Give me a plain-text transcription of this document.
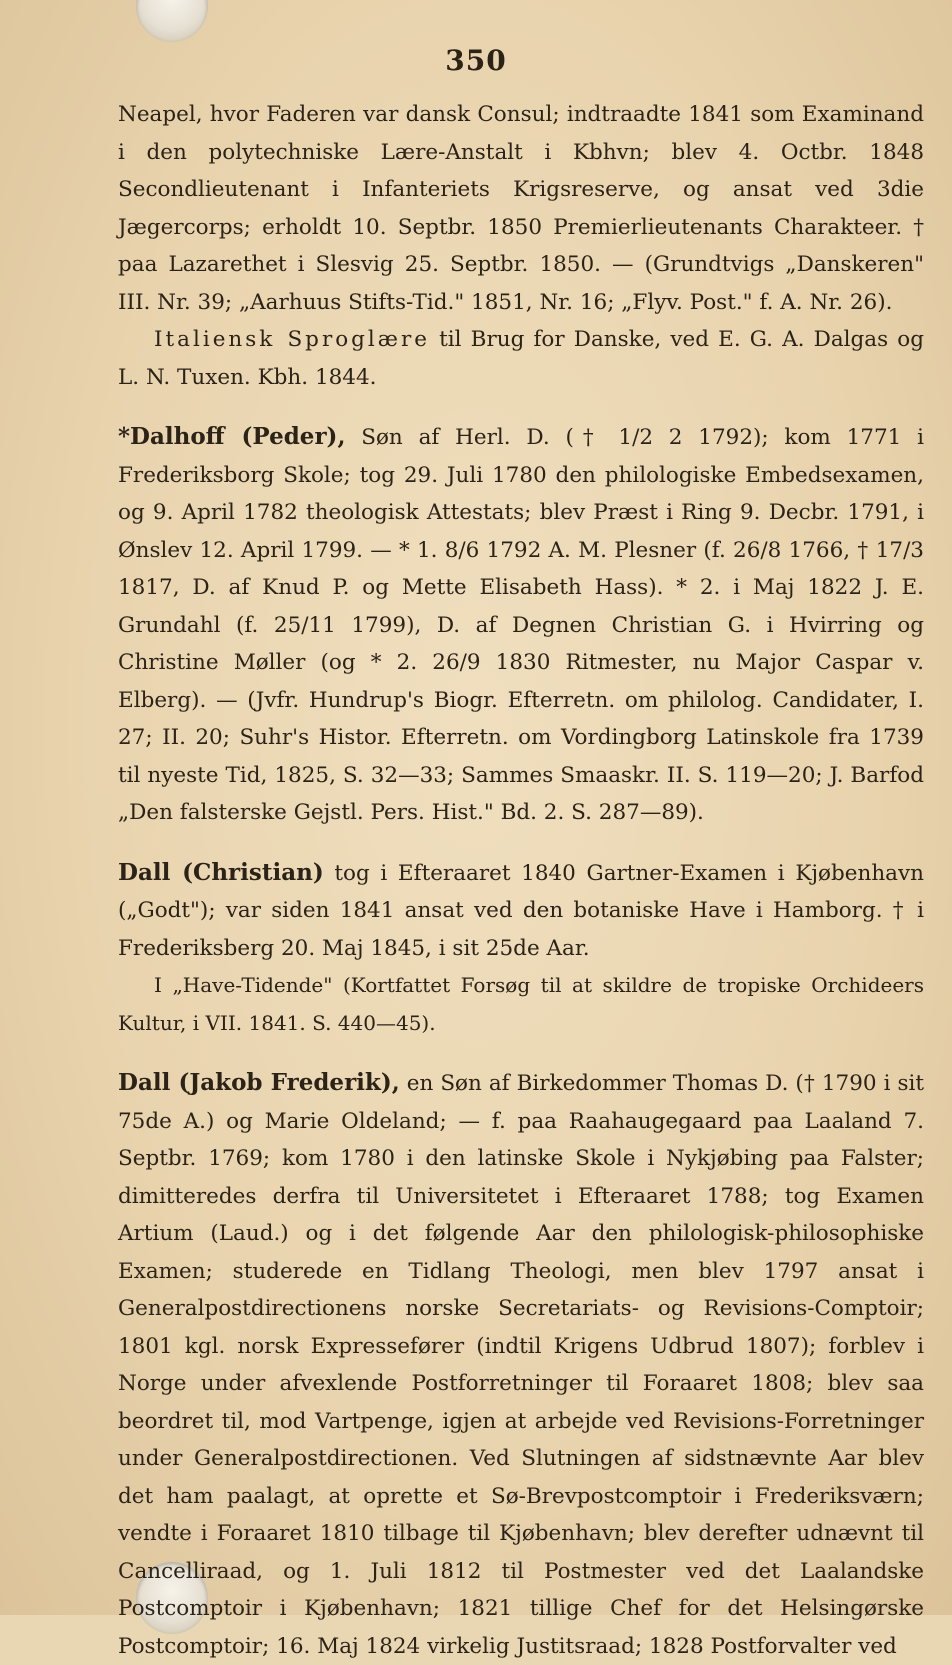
350

Neapel, hvor Faderen var dansk Consul; indtraadte 1841 som Examinand i den polytechniske Lære-Anstalt i Kbhvn; blev 4. Octbr. 1848 Secondlieutenant i Infanteriets Krigsreserve, og ansat ved 3die Jægercorps; erholdt 10. Septbr. 1850 Premierlieutenants Charakteer. † paa Lazarethet i Slesvig 25. Septbr. 1850. — (Grundtvigs „Danskeren" III. Nr. 39; „Aarhuus Stifts-Tid." 1851, Nr. 16; „Flyv. Post." f. A. Nr. 26).

Italiensk Sproglære til Brug for Danske, ved E. G. A. Dalgas og L. N. Tuxen. Kbh. 1844.

*Dalhoff (Peder), Søn af Herl. D. († 1/2 2 1792); kom 1771 i Frederiksborg Skole; tog 29. Juli 1780 den philologiske Embedsexamen, og 9. April 1782 theologisk Attestats; blev Præst i Ring 9. Decbr. 1791, i Ønslev 12. April 1799. — * 1. 8/6 1792 A. M. Plesner (f. 26/8 1766, † 17/3 1817, D. af Knud P. og Mette Elisabeth Hass). * 2. i Maj 1822 J. E. Grundahl (f. 25/11 1799), D. af Degnen Christian G. i Hvirring og Christine Møller (og * 2. 26/9 1830 Ritmester, nu Major Caspar v. Elberg). — (Jvfr. Hundrup's Biogr. Efterretn. om philolog. Candidater, I. 27; II. 20; Suhr's Histor. Efterretn. om Vordingborg Latinskole fra 1739 til nyeste Tid, 1825, S. 32—33; Sammes Smaaskr. II. S. 119—20; J. Barfod „Den falsterske Gejstl. Pers. Hist." Bd. 2. S. 287—89).

Dall (Christian) tog i Efteraaret 1840 Gartner-Examen i Kjøbenhavn („Godt"); var siden 1841 ansat ved den botaniske Have i Hamborg. † i Frederiksberg 20. Maj 1845, i sit 25de Aar.

I „Have-Tidende" (Kortfattet Forsøg til at skildre de tropiske Orchideers Kultur, i VII. 1841. S. 440—45).

Dall (Jakob Frederik), en Søn af Birkedommer Thomas D. († 1790 i sit 75de A.) og Marie Oldeland; — f. paa Raahaugegaard paa Laaland 7. Septbr. 1769; kom 1780 i den latinske Skole i Nykjøbing paa Falster; dimitteredes derfra til Universitetet i Efteraaret 1788; tog Examen Artium (Laud.) og i det følgende Aar den philologisk-philosophiske Examen; studerede en Tidlang Theologi, men blev 1797 ansat i Generalpostdirectionens norske Secretariats- og Revisions-Comptoir; 1801 kgl. norsk Expressefører (indtil Krigens Udbrud 1807); forblev i Norge under afvexlende Postforretninger til Foraaret 1808; blev saa beordret til, mod Vartpenge, igjen at arbejde ved Revisions-Forretninger under Generalpostdirectionen. Ved Slutningen af sidstnævnte Aar blev det ham paalagt, at oprette et Sø-Brevpostcomptoir i Frederiksværn; vendte i Foraaret 1810 tilbage til Kjøbenhavn; blev derefter udnævnt til Cancelliraad, og 1. Juli 1812 til Postmester ved det Laalandske Postcomptoir i Kjøbenhavn; 1821 tillige Chef for det Helsingørske Postcomptoir; 16. Maj 1824 virkelig Justitsraad; 1828 Postforvalter ved
